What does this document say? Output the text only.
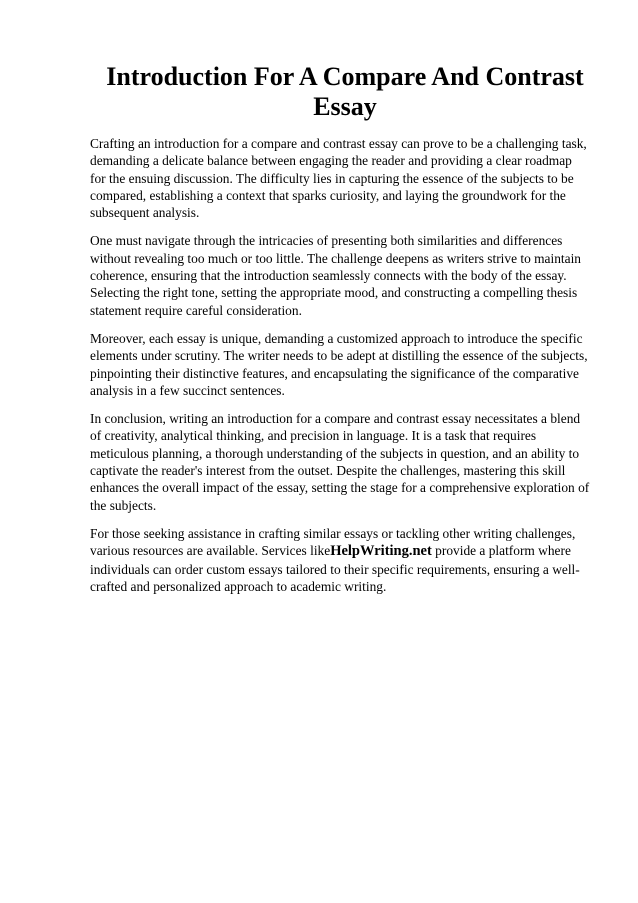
Introduction For A Compare And Contrast Essay

Crafting an introduction for a compare and contrast essay can prove to be a challenging task, demanding a delicate balance between engaging the reader and providing a clear roadmap for the ensuing discussion. The difficulty lies in capturing the essence of the subjects to be compared, establishing a context that sparks curiosity, and laying the groundwork for the subsequent analysis.

One must navigate through the intricacies of presenting both similarities and differences without revealing too much or too little. The challenge deepens as writers strive to maintain coherence, ensuring that the introduction seamlessly connects with the body of the essay. Selecting the right tone, setting the appropriate mood, and constructing a compelling thesis statement require careful consideration.

Moreover, each essay is unique, demanding a customized approach to introduce the specific elements under scrutiny. The writer needs to be adept at distilling the essence of the subjects, pinpointing their distinctive features, and encapsulating the significance of the comparative analysis in a few succinct sentences.

In conclusion, writing an introduction for a compare and contrast essay necessitates a blend of creativity, analytical thinking, and precision in language. It is a task that requires meticulous planning, a thorough understanding of the subjects in question, and an ability to captivate the reader's interest from the outset. Despite the challenges, mastering this skill enhances the overall impact of the essay, setting the stage for a comprehensive exploration of the subjects.

For those seeking assistance in crafting similar essays or tackling other writing challenges, various resources are available. Services likeHelpWriting.net provide a platform where individuals can order custom essays tailored to their specific requirements, ensuring a well-crafted and personalized approach to academic writing.
